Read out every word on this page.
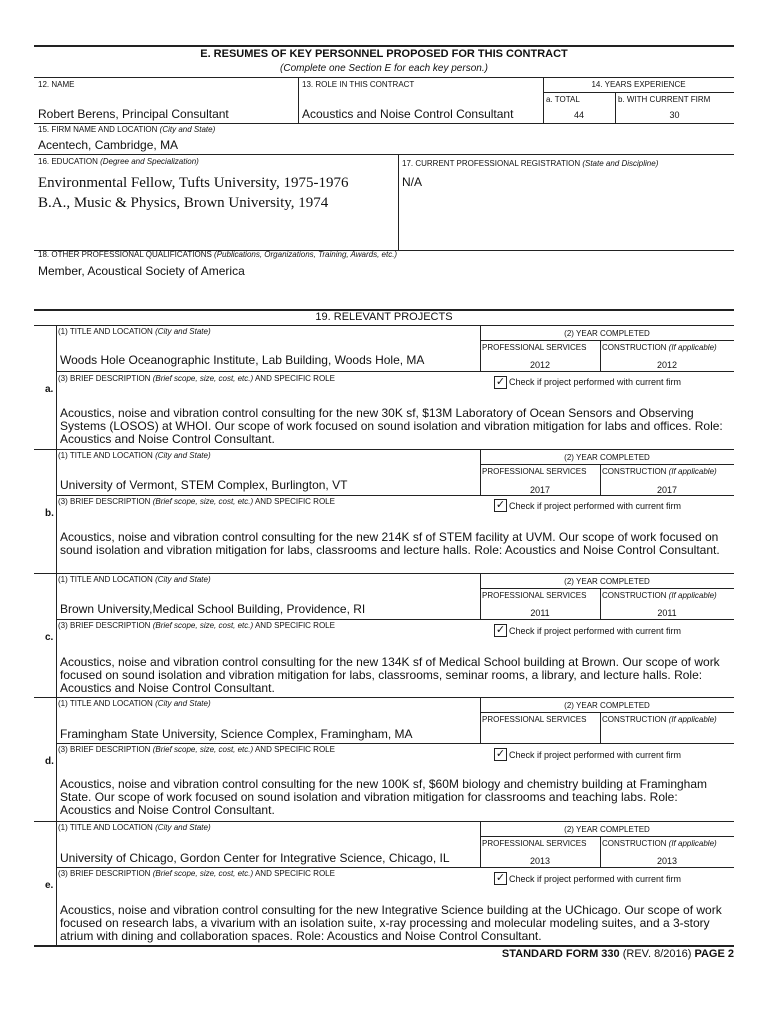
E. RESUMES OF KEY PERSONNEL PROPOSED FOR THIS CONTRACT
(Complete one Section E for each key person.)
12. NAME	13. ROLE IN THIS CONTRACT	14. YEARS EXPERIENCE
a. TOTAL	b. WITH CURRENT FIRM
Robert Berens, Principal Consultant	Acoustics and Noise Control Consultant	44	30
15. FIRM NAME AND LOCATION (City and State)
Acentech, Cambridge, MA
16. EDUCATION (Degree and Specialization)	17. CURRENT PROFESSIONAL REGISTRATION (State and Discipline)
Environmental Fellow, Tufts University, 1975-1976
B.A., Music & Physics, Brown University, 1974
N/A
18. OTHER PROFESSIONAL QUALIFICATIONS (Publications, Organizations, Training, Awards, etc.)
Member, Acoustical Society of America
19. RELEVANT PROJECTS
(1) TITLE AND LOCATION (City and State)	(2) YEAR COMPLETED
PROFESSIONAL SERVICES CONSTRUCTION (If applicable)
Woods Hole Oceanographic Institute, Lab Building, Woods Hole, MA	2012	2012
(3) BRIEF DESCRIPTION (Brief scope, size, cost, etc.) AND SPECIFIC ROLE	✓ Check if project performed with current firm
a.
Acoustics, noise and vibration control consulting for the new 30K sf, $13M Laboratory of Ocean Sensors and Observing Systems (LOSOS) at WHOI. Our scope of work focused on sound isolation and vibration mitigation for labs and offices. Role: Acoustics and Noise Control Consultant.
(1) TITLE AND LOCATION (City and State)	(2) YEAR COMPLETED
PROFESSIONAL SERVICES CONSTRUCTION (If applicable)
University of Vermont, STEM Complex, Burlington, VT	2017	2017
(3) BRIEF DESCRIPTION (Brief scope, size, cost, etc.) AND SPECIFIC ROLE	✓ Check if project performed with current firm
b.
Acoustics, noise and vibration control consulting for the new 214K sf of STEM facility at UVM. Our scope of work focused on sound isolation and vibration mitigation for labs, classrooms and lecture halls. Role: Acoustics and Noise Control Consultant.
(1) TITLE AND LOCATION (City and State)	(2) YEAR COMPLETED
PROFESSIONAL SERVICES CONSTRUCTION (If applicable)
Brown University,Medical School Building, Providence, RI	2011	2011
(3) BRIEF DESCRIPTION (Brief scope, size, cost, etc.) AND SPECIFIC ROLE	✓ Check if project performed with current firm
c.
Acoustics, noise and vibration control consulting for the new 134K sf of Medical School building at Brown. Our scope of work focused on sound isolation and vibration mitigation for labs, classrooms, seminar rooms, a library, and lecture halls. Role: Acoustics and Noise Control Consultant.
(1) TITLE AND LOCATION (City and State)	(2) YEAR COMPLETED
PROFESSIONAL SERVICES CONSTRUCTION (If applicable)
Framingham State University, Science Complex, Framingham, MA
(3) BRIEF DESCRIPTION (Brief scope, size, cost, etc.) AND SPECIFIC ROLE	✓ Check if project performed with current firm
d.
Acoustics, noise and vibration control consulting for the new 100K sf, $60M biology and chemistry building at Framingham State. Our scope of work focused on sound isolation and vibration mitigation for classrooms and teaching labs. Role: Acoustics and Noise Control Consultant.
(1) TITLE AND LOCATION (City and State)	(2) YEAR COMPLETED
PROFESSIONAL SERVICES CONSTRUCTION (If applicable)
University of Chicago, Gordon Center for Integrative Science, Chicago, IL	2013	2013
(3) BRIEF DESCRIPTION (Brief scope, size, cost, etc.) AND SPECIFIC ROLE	✓ Check if project performed with current firm
e.
Acoustics, noise and vibration control consulting for the new Integrative Science building at the UChicago. Our scope of work focused on research labs, a vivarium with an isolation suite, x-ray processing and molecular modeling suites, and a 3-story atrium with dining and collaboration spaces. Role: Acoustics and Noise Control Consultant.
STANDARD FORM 330 (REV. 8/2016) PAGE 2
